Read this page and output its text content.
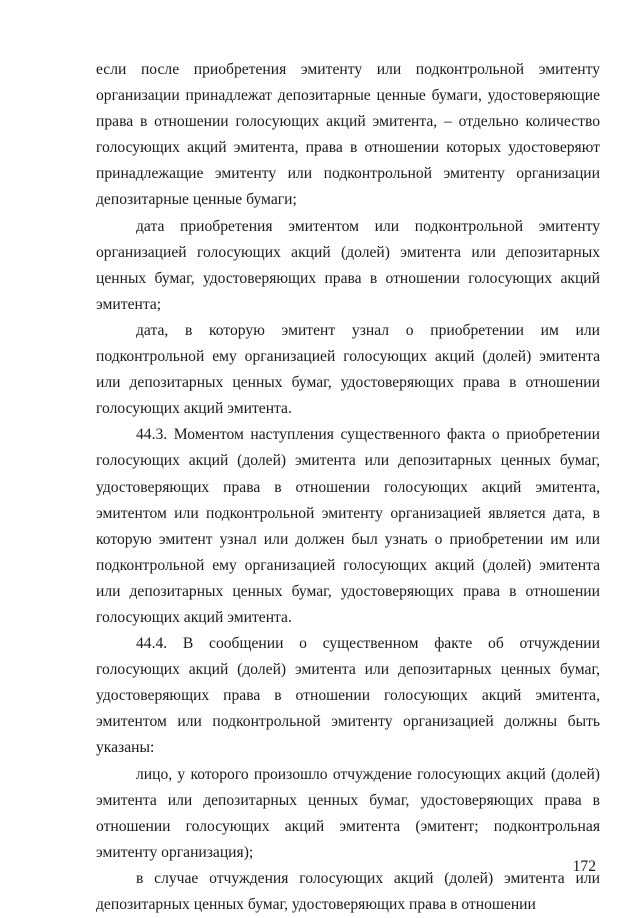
если после приобретения эмитенту или подконтрольной эмитенту организации принадлежат депозитарные ценные бумаги, удостоверяющие права в отношении голосующих акций эмитента, – отдельно количество голосующих акций эмитента, права в отношении которых удостоверяют принадлежащие эмитенту или подконтрольной эмитенту организации депозитарные ценные бумаги;

дата приобретения эмитентом или подконтрольной эмитенту организацией голосующих акций (долей) эмитента или депозитарных ценных бумаг, удостоверяющих права в отношении голосующих акций эмитента;

дата, в которую эмитент узнал о приобретении им или подконтрольной ему организацией голосующих акций (долей) эмитента или депозитарных ценных бумаг, удостоверяющих права в отношении голосующих акций эмитента.

44.3. Моментом наступления существенного факта о приобретении голосующих акций (долей) эмитента или депозитарных ценных бумаг, удостоверяющих права в отношении голосующих акций эмитента, эмитентом или подконтрольной эмитенту организацией является дата, в которую эмитент узнал или должен был узнать о приобретении им или подконтрольной ему организацией голосующих акций (долей) эмитента или депозитарных ценных бумаг, удостоверяющих права в отношении голосующих акций эмитента.

44.4. В сообщении о существенном факте об отчуждении голосующих акций (долей) эмитента или депозитарных ценных бумаг, удостоверяющих права в отношении голосующих акций эмитента, эмитентом или подконтрольной эмитенту организацией должны быть указаны:

лицо, у которого произошло отчуждение голосующих акций (долей) эмитента или депозитарных ценных бумаг, удостоверяющих права в отношении голосующих акций эмитента (эмитент; подконтрольная эмитенту организация);

в случае отчуждения голосующих акций (долей) эмитента или депозитарных ценных бумаг, удостоверяющих права в отношении

172
